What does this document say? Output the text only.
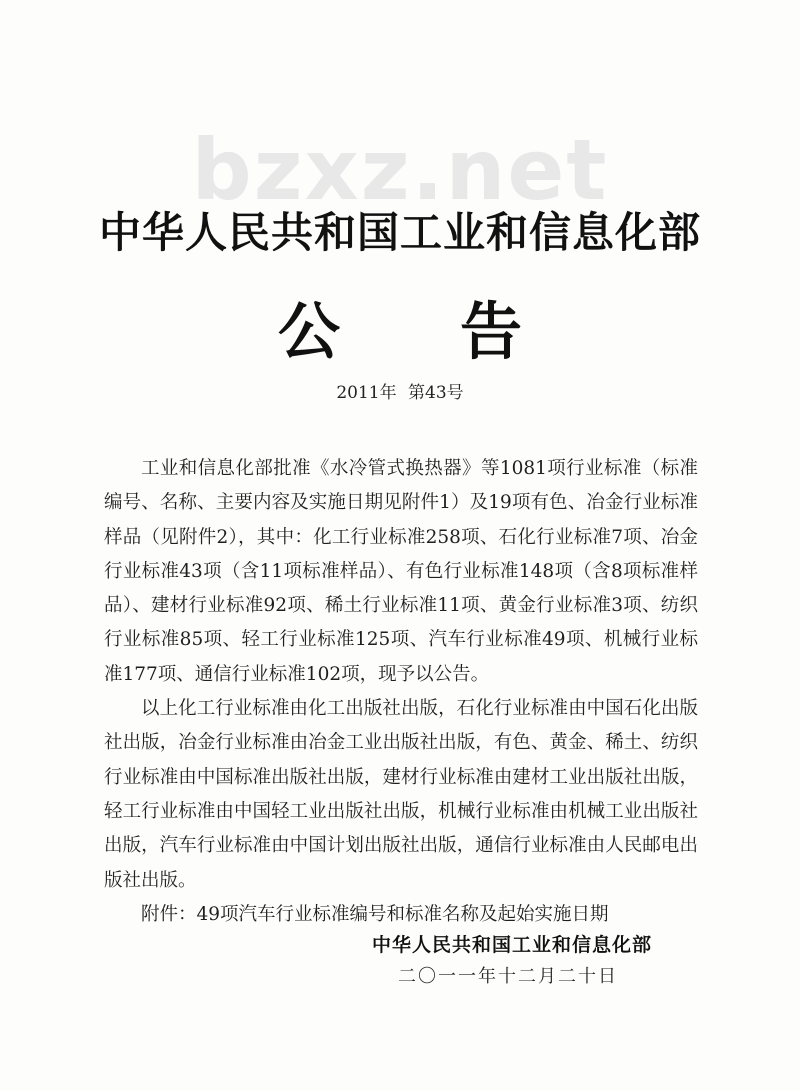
bzxz.net
中华人民共和国工业和信息化部
公告
2011年 第43号

工业和信息化部批准《水冷管式换热器》等1081项行业标准（标准编号、名称、主要内容及实施日期见附件1）及19项有色、冶金行业标准样品（见附件2），其中：化工行业标准258项、石化行业标准7项、冶金行业标准43项（含11项标准样品）、有色行业标准148项（含8项标准样品）、建材行业标准92项、稀土行业标准11项、黄金行业标准3项、纺织行业标准85项、轻工行业标准125项、汽车行业标准49项、机械行业标准177项、通信行业标准102项，现予以公告。

以上化工行业标准由化工出版社出版，石化行业标准由中国石化出版社出版，冶金行业标准由冶金工业出版社出版，有色、黄金、稀土、纺织行业标准由中国标准出版社出版，建材行业标准由建材工业出版社出版，轻工行业标准由中国轻工业出版社出版，机械行业标准由机械工业出版社出版，汽车行业标准由中国计划出版社出版，通信行业标准由人民邮电出版社出版。

附件：49项汽车行业标准编号和标准名称及起始实施日期

中华人民共和国工业和信息化部
二〇一一年十二月二十日
